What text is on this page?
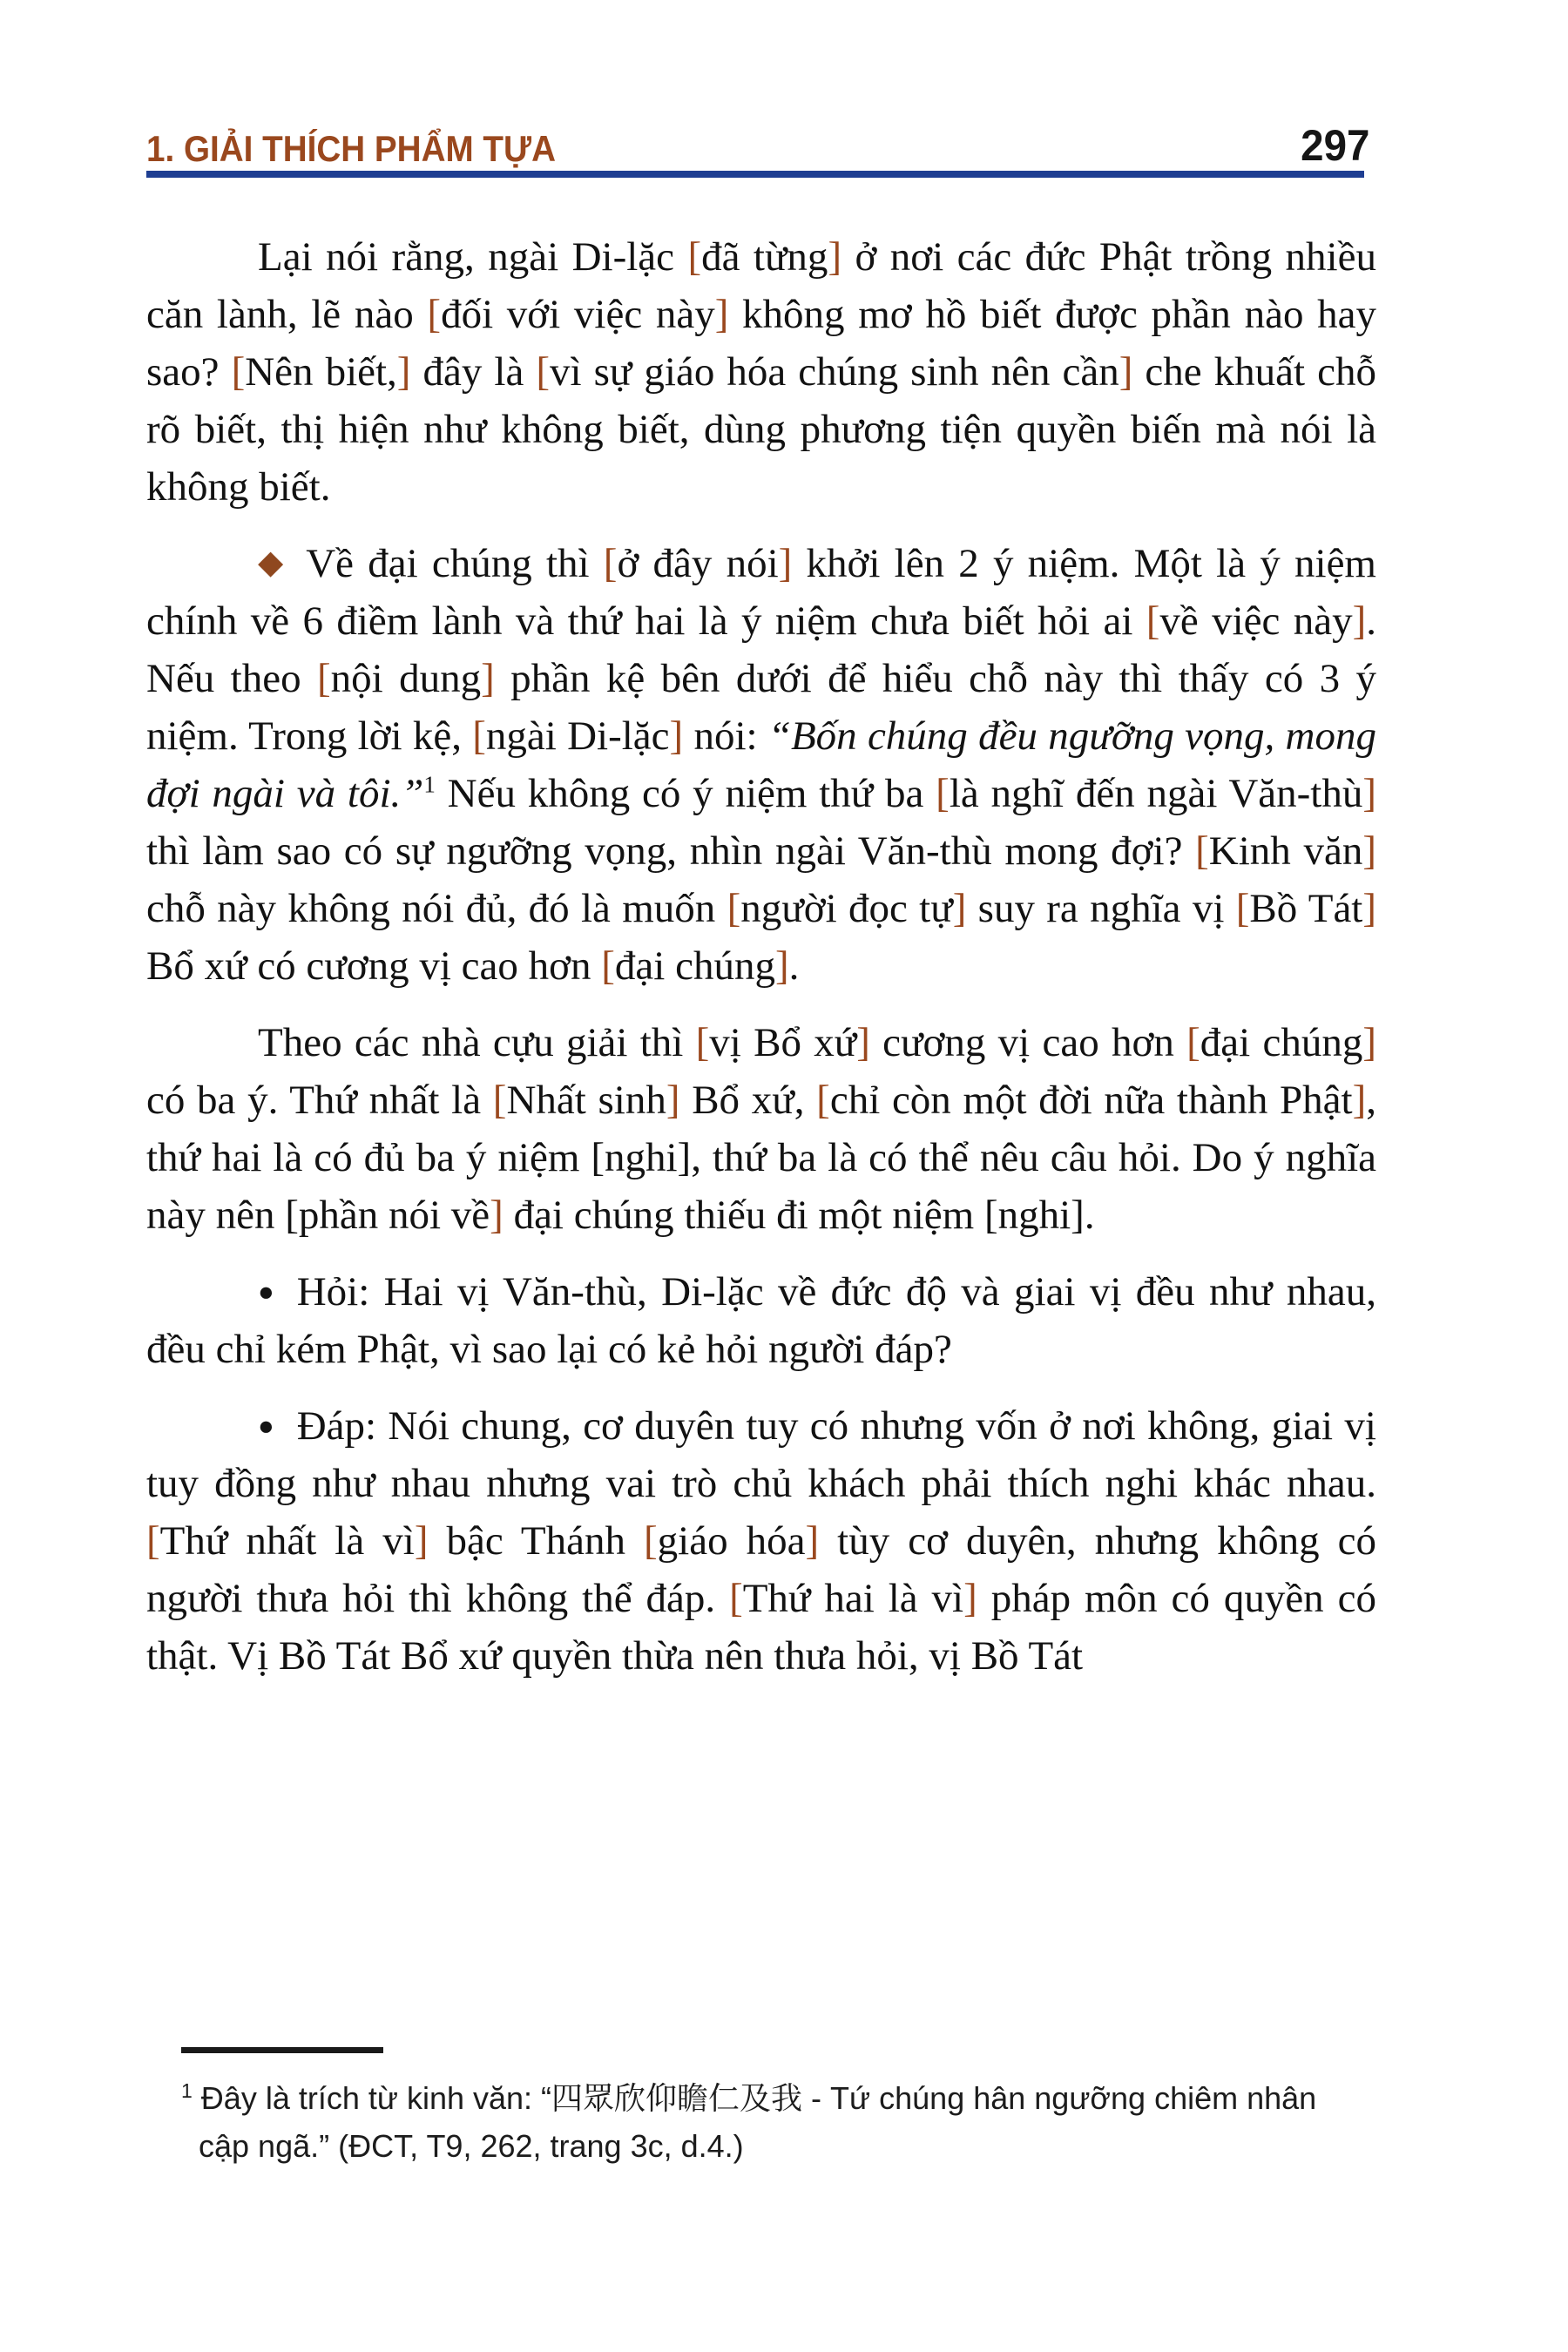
1. GIẢI THÍCH PHẨM TỰA	297

Lại nói rằng, ngài Di-lặc [đã từng] ở nơi các đức Phật trồng nhiều căn lành, lẽ nào [đối với việc này] không mơ hồ biết được phần nào hay sao? [Nên biết,] đây là [vì sự giáo hóa chúng sinh nên cần] che khuất chỗ rõ biết, thị hiện như không biết, dùng phương tiện quyền biến mà nói là không biết.

◆ Về đại chúng thì [ở đây nói] khởi lên 2 ý niệm. Một là ý niệm chính về 6 điềm lành và thứ hai là ý niệm chưa biết hỏi ai [về việc này]. Nếu theo [nội dung] phần kệ bên dưới để hiểu chỗ này thì thấy có 3 ý niệm. Trong lời kệ, [ngài Di-lặc] nói: “Bốn chúng đều ngưỡng vọng, mong đợi ngài và tôi.”$^1$ Nếu không có ý niệm thứ ba [là nghĩ đến ngài Văn-thù] thì làm sao có sự ngưỡng vọng, nhìn ngài Văn-thù mong đợi? [Kinh văn] chỗ này không nói đủ, đó là muốn [người đọc tự] suy ra nghĩa vị [Bồ Tát] Bổ xứ có cương vị cao hơn [đại chúng].

Theo các nhà cựu giải thì [vị Bổ xứ] cương vị cao hơn [đại chúng] có ba ý. Thứ nhất là [Nhất sinh] Bổ xứ, [chỉ còn một đời nữa thành Phật], thứ hai là có đủ ba ý niệm [nghi], thứ ba là có thể nêu câu hỏi. Do ý nghĩa này nên [phần nói về] đại chúng thiếu đi một niệm [nghi].

● Hỏi: Hai vị Văn-thù, Di-lặc về đức độ và giai vị đều như nhau, đều chỉ kém Phật, vì sao lại có kẻ hỏi người đáp?

● Đáp: Nói chung, cơ duyên tuy có nhưng vốn ở nơi không, giai vị tuy đồng như nhau nhưng vai trò chủ khách phải thích nghi khác nhau. [Thứ nhất là vì] bậc Thánh [giáo hóa] tùy cơ duyên, nhưng không có người thưa hỏi thì không thể đáp. [Thứ hai là vì] pháp môn có quyền có thật. Vị Bồ Tát Bổ xứ quyền thừa nên thưa hỏi, vị Bồ Tát

$^1$ Đây là trích từ kinh văn: “四眾欣仰瞻仁及我 - Tứ chúng hân ngưỡng chiêm nhân cập ngã.” (ĐCT, T9, 262, trang 3c, d.4.)
